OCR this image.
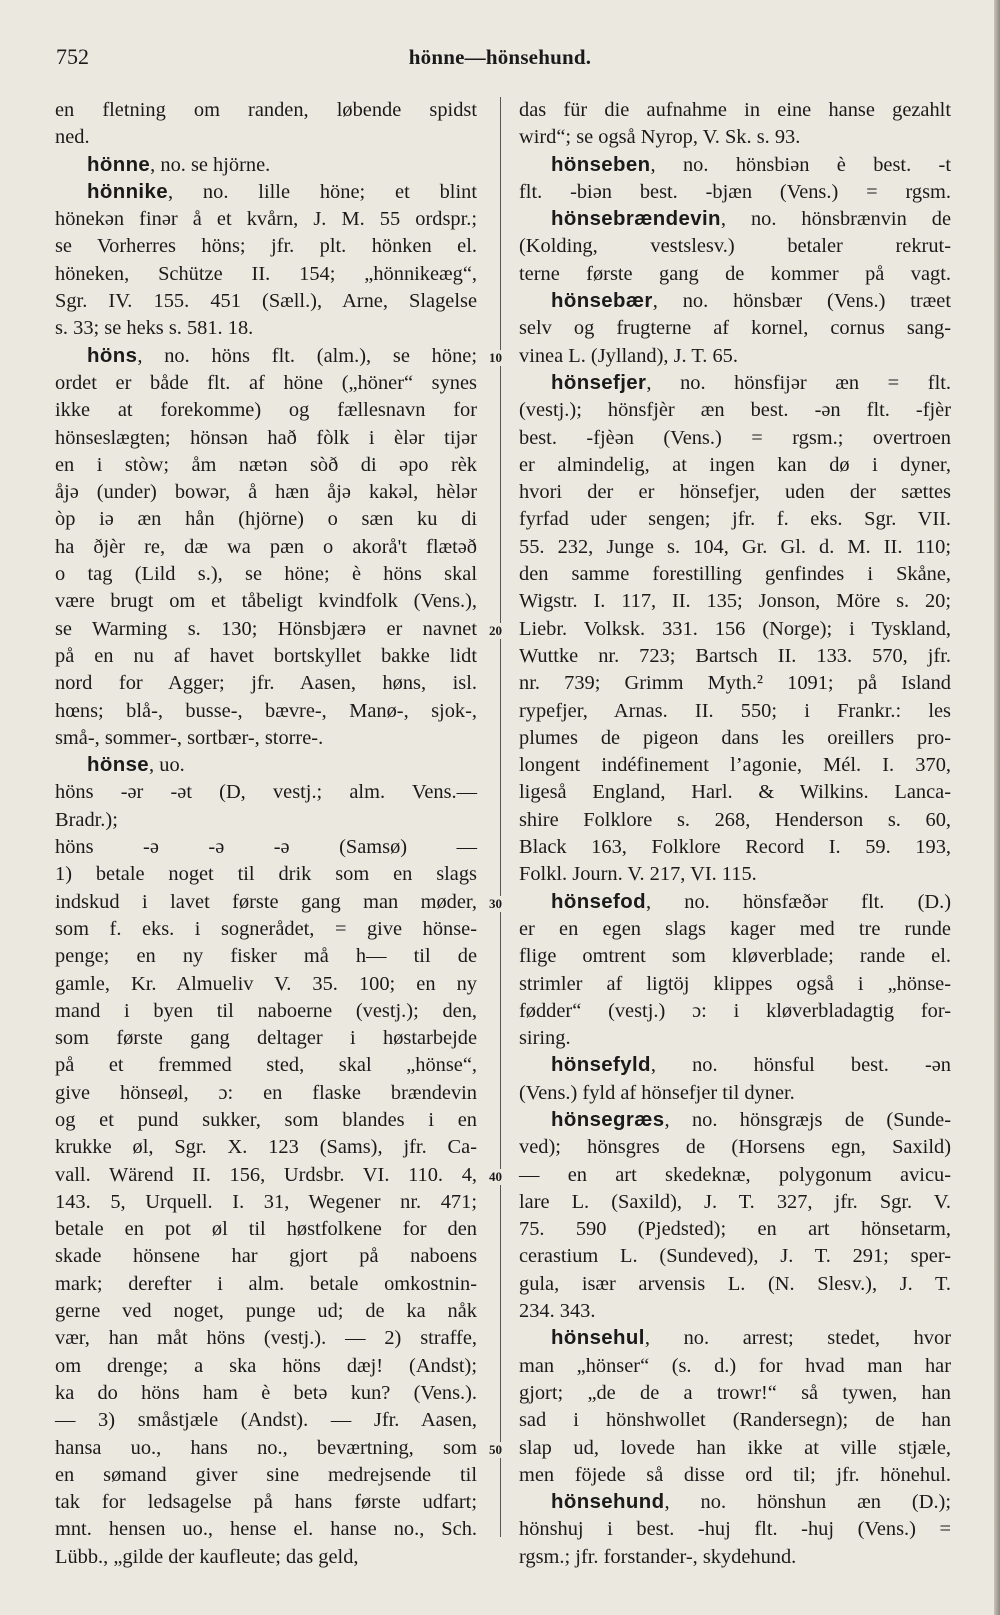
752	hönne—hönsehund.
en fletning om randen, løbende spidst
ned.
hönne, no. se hjörne.
hönnike, no. lille höne; et blint
hönekən finər å et kvårn, J. M. 55 ordspr.;
se Vorherres höns; jfr. plt. hönken el.
höneken, Schütze II. 154; „hönnikeæg“,
Sgr. IV. 155. 451 (Sæll.), Arne, Slagelse
s. 33; se heks s. 581. 18.
höns, no. höns flt. (alm.), se höne;
ordet er både flt. af höne („höner“ synes
ikke at forekomme) og fællesnavn for
hönseslægten; hönsən hað fòlk i èlər tijər
en i stòw; åm nætən sòð di əpo rèk
åjə (under) bowər, å hæn åjə kakəl, hèlər
òp iə æn hån (hjörne) o sæn ku di
ha ðjèr re, dæ wa pæn o akorå't flætəð
o tag (Lild s.), se höne; è höns skal
være brugt om et tåbeligt kvindfolk (Vens.),
se Warming s. 130; Hönsbjærə er navnet
på en nu af havet bortskyllet bakke lidt
nord for Agger; jfr. Aasen, høns, isl.
hœns; blå-, busse-, bævre-, Manø-, sjok-,
små-, sommer-, sortbær-, storre-.
hönse, uo.
höns -ər -ət (D, vestj.; alm. Vens.—
Bradr.);
höns -ə -ə -ə (Samsø) —
1) betale noget til drik som en slags
indskud i lavet første gang man møder,
som f. eks. i sognerådet, = give hönse-
penge; en ny fisker må h— til de
gamle, Kr. Almueliv V. 35. 100; en ny
mand i byen til naboerne (vestj.); den,
som første gang deltager i høstarbejde
på et fremmed sted, skal „hönse“,
give hönseøl, ɔ: en flaske brændevin
og et pund sukker, som blandes i en
krukke øl, Sgr. X. 123 (Sams), jfr. Ca-
vall. Wärend II. 156, Urdsbr. VI. 110. 4,
143. 5, Urquell. I. 31, Wegener nr. 471;
betale en pot øl til høstfolkene for den
skade hönsene har gjort på naboens
mark; derefter i alm. betale omkostnin-
gerne ved noget, punge ud; de ka nåk
vær, han måt höns (vestj.). — 2) straffe,
om drenge; a ska höns dæj! (Andst);
ka do höns ham è betə kun? (Vens.).
— 3) småstjæle (Andst). — Jfr. Aasen,
hansa uo., hans no., beværtning, som
en sømand giver sine medrejsende til
tak for ledsagelse på hans første udfart;
mnt. hensen uo., hense el. hanse no., Sch.
Lübb., „gilde der kaufleute; das geld,
das für die aufnahme in eine hanse gezahlt
wird“; se også Nyrop, V. Sk. s. 93.
hönseben, no. hönsbiən è best. -t
flt. -biən best. -bjæn (Vens.) = rgsm.
hönsebrændevin, no. hönsbrænvin de
(Kolding, vestslesv.) betaler rekrut-
terne første gang de kommer på vagt.
hönsebær, no. hönsbær (Vens.) træet
selv og frugterne af kornel, cornus sang-
vinea L. (Jylland), J. T. 65.
hönsefjer, no. hönsfijər æn = flt.
(vestj.); hönsfjèr æn best. -ən flt. -fjèr
best. -fjèən (Vens.) = rgsm.; overtroen
er almindelig, at ingen kan dø i dyner,
hvori der er hönsefjer, uden der sættes
fyrfad uder sengen; jfr. f. eks. Sgr. VII.
55. 232, Junge s. 104, Gr. Gl. d. M. II. 110;
den samme forestilling genfindes i Skåne,
Wigstr. I. 117, II. 135; Jonson, Möre s. 20;
Liebr. Volksk. 331. 156 (Norge); i Tyskland,
Wuttke nr. 723; Bartsch II. 133. 570, jfr.
nr. 739; Grimm Myth.² 1091; på Island
rypefjer, Arnas. II. 550; i Frankr.: les
plumes de pigeon dans les oreillers pro-
longent indéfinement l’agonie, Mél. I. 370,
ligeså England, Harl. & Wilkins. Lanca-
shire Folklore s. 268, Henderson s. 60,
Black 163, Folklore Record I. 59. 193,
Folkl. Journ. V. 217, VI. 115.
hönsefod, no. hönsfæðər flt. (D.)
er en egen slags kager med tre runde
flige omtrent som kløverblade; rande el.
strimler af ligtöj klippes også i „hönse-
fødder“ (vestj.) ɔ: i kløverbladagtig for-
siring.
hönsefyld, no. hönsful best. -ən
(Vens.) fyld af hönsefjer til dyner.
hönsegræs, no. hönsgræjs de (Sunde-
ved); hönsgres de (Horsens egn, Saxild)
— en art skedeknæ, polygonum avicu-
lare L. (Saxild), J. T. 327, jfr. Sgr. V.
75. 590 (Pjedsted); en art hönsetarm,
cerastium L. (Sundeved), J. T. 291; sper-
gula, især arvensis L. (N. Slesv.), J. T.
234. 343.
hönsehul, no. arrest; stedet, hvor
man „hönser“ (s. d.) for hvad man har
gjort; „de de a trowr!“ så tywen, han
sad i hönshwollet (Randersegn); de han
slap ud, lovede han ikke at ville stjæle,
men föjede så disse ord til; jfr. hönehul.
hönsehund, no. hönshun æn (D.);
hönshuj i best. -huj flt. -huj (Vens.) =
rgsm.; jfr. forstander-, skydehund.
10
20
30
40
50
